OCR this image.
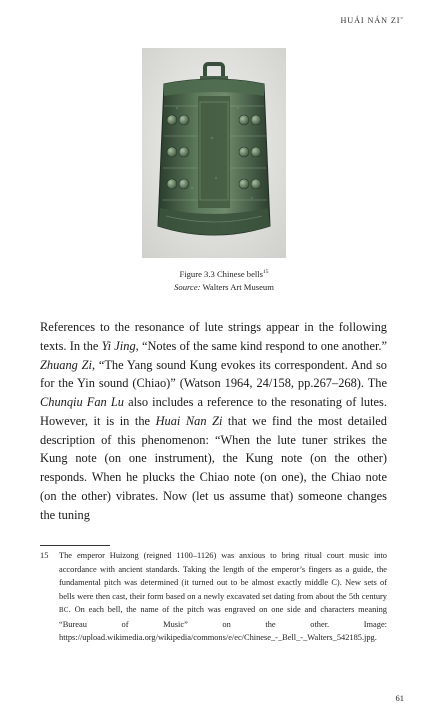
HUÁI NÁN ZIˇ
Figure 3.3 Chinese bells$^{15}$
Source: Walters Art Museum

References to the resonance of lute strings appear in the following texts. In the Yi Jing, “Notes of the same kind respond to one another.” Zhuang Zi, “The Yang sound Kung evokes its correspondent. And so for the Yin sound (Chiao)” (Watson 1964, 24/158, pp.267–268). The Chunqiu Fan Lu also includes a reference to the resonating of lutes. However, it is in the Huai Nan Zi that we find the most detailed description of this phenomenon: “When the lute tuner strikes the Kung note (on one instrument), the Kung note (on the other) responds. When he plucks the Chiao note (on one), the Chiao note (on the other) vibrates. Now (let us assume that) someone changes the tuning

15 The emperor Huizong (reigned 1100–1126) was anxious to bring ritual court music into accordance with ancient standards. Taking the length of the emperor’s fingers as a guide, the fundamental pitch was determined (it turned out to be almost exactly middle C). New sets of bells were then cast, their form based on a newly excavated set dating from about the 5th century BC. On each bell, the name of the pitch was engraved on one side and characters meaning “Bureau of Music” on the other. Image: https://upload.wikimedia.org/wikipedia/commons/e/ec/Chinese_-_Bell_-_Walters_542185.jpg.
61
